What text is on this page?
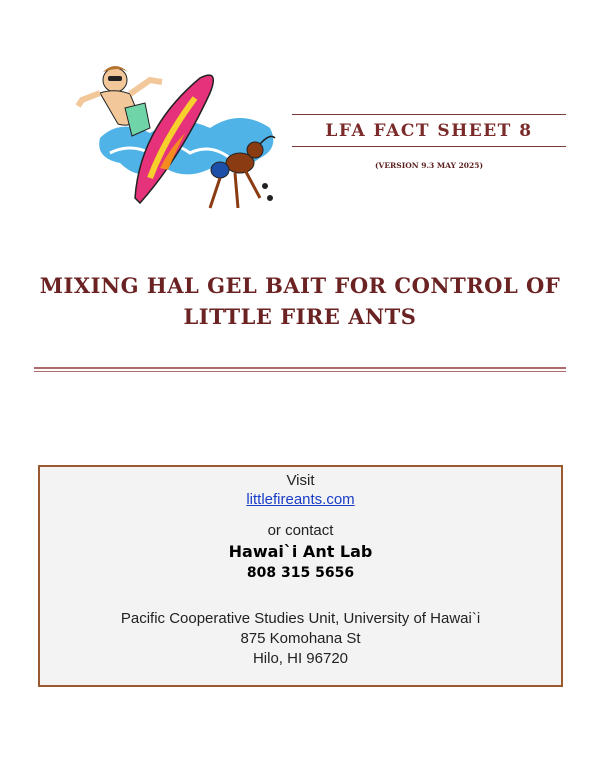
LFA FACT SHEET 8
(VERSION 9.3 MAY 2025)
MIXING HAL GEL BAIT FOR CONTROL OF
LITTLE FIRE ANTS
Visit
littlefireants.com
or contact
Hawai`i Ant Lab
808 315 5656
Pacific Cooperative Studies Unit, University of Hawai`i
875 Komohana St
Hilo, HI 96720
